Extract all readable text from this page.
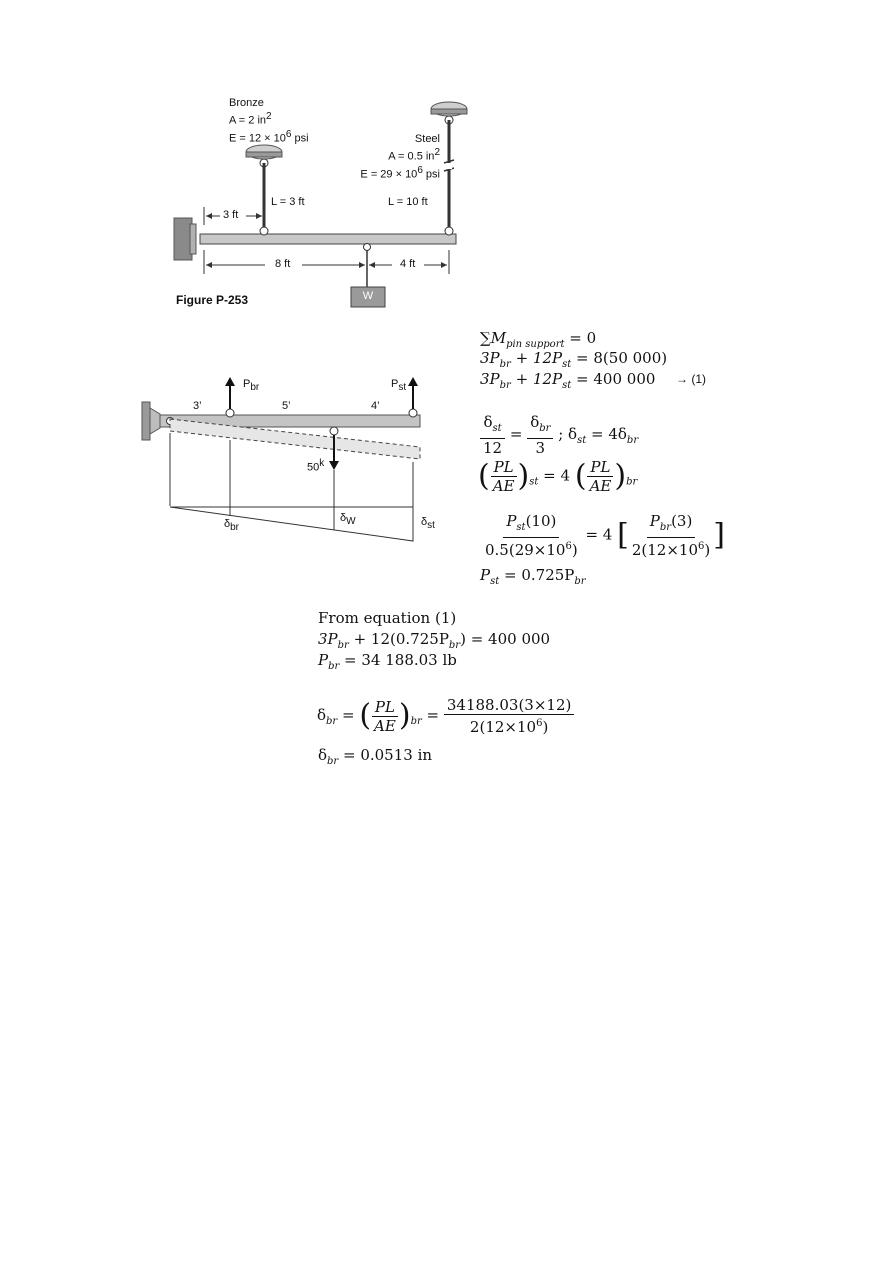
Bronze
A = 2 $in^2$
$E = 12 \times 10^6$ psi	Steel
A = 0.5 $in^2$
$E = 29 \times 10^6$ psi
L = 3 ft	L = 10 ft
3 ft
8 ft	4 ft
W
Figure P-253
$P_{br}$	$P_{st}$
3’	5’	4’
50$^k$
$\delta_{br}$
$\delta_W$	$\delta_{st}$
$\sum M_{pin support} = 0$
$3P_{br} + 12P_{st} = 8(50$ 000)
$3P_{br} + 12P_{st} = 400$ 000 → (1)
$\frac{\delta_{st}}{12} = \frac{\delta_{br}}{3}$ ; $\delta_{st} = 4\delta_{br}$
( $\frac{PL}{AE} )_{st} = 4$ ( $\frac{PL}{AE} )_{br}$
$\frac{P_{st}(10)}{0.5(29\times 10^6)} = 4$ [ $\frac{P_{br}(3)}{2(12\times 10^6)}$ ]
$P_{st} = 0.725P_{br}$
From equation (1)
$3P_{br} + 12(0.725P_{br}) = 400$ 000
$P_{br} = 34$ 188.03 lb
$\delta_{br}$ = ( $\frac{PL}{AE} )_{br} = \frac{34188.03(3\times 12)}{2(12\times 10^6)}$
$\delta_{br} = 0.0513$ in
